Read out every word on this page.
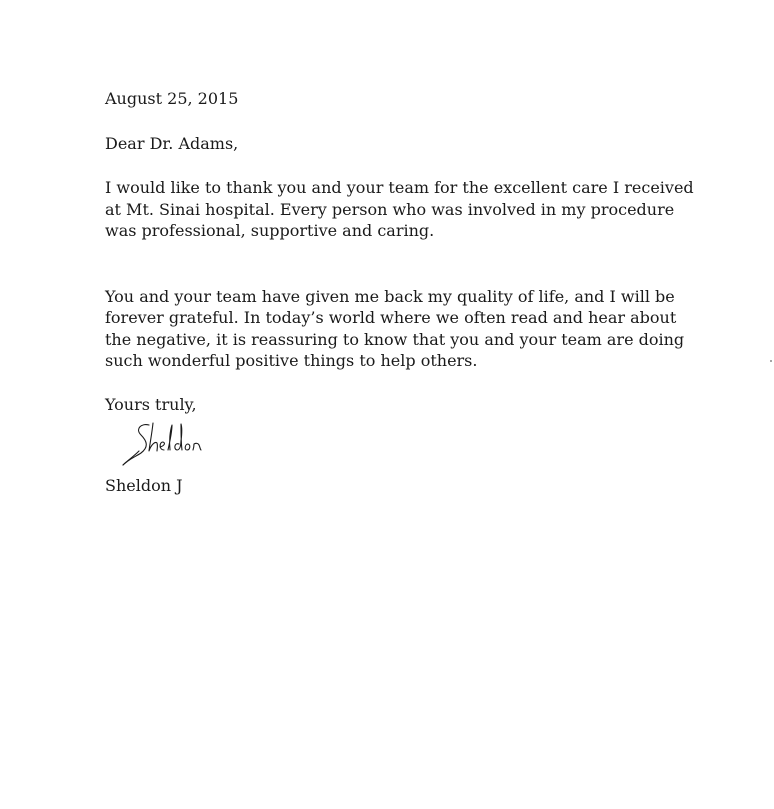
August 25, 2015
Dear Dr. Adams,
I would like to thank you and your team for the excellent care I received
at Mt. Sinai hospital. Every person who was involved in my procedure
was professional, supportive and caring.
You and your team have given me back my quality of life, and I will be
forever grateful. In today’s world where we often read and hear about
the negative, it is reassuring to know that you and your team are doing
such wonderful positive things to help others.
Yours truly,
Sheldon J
